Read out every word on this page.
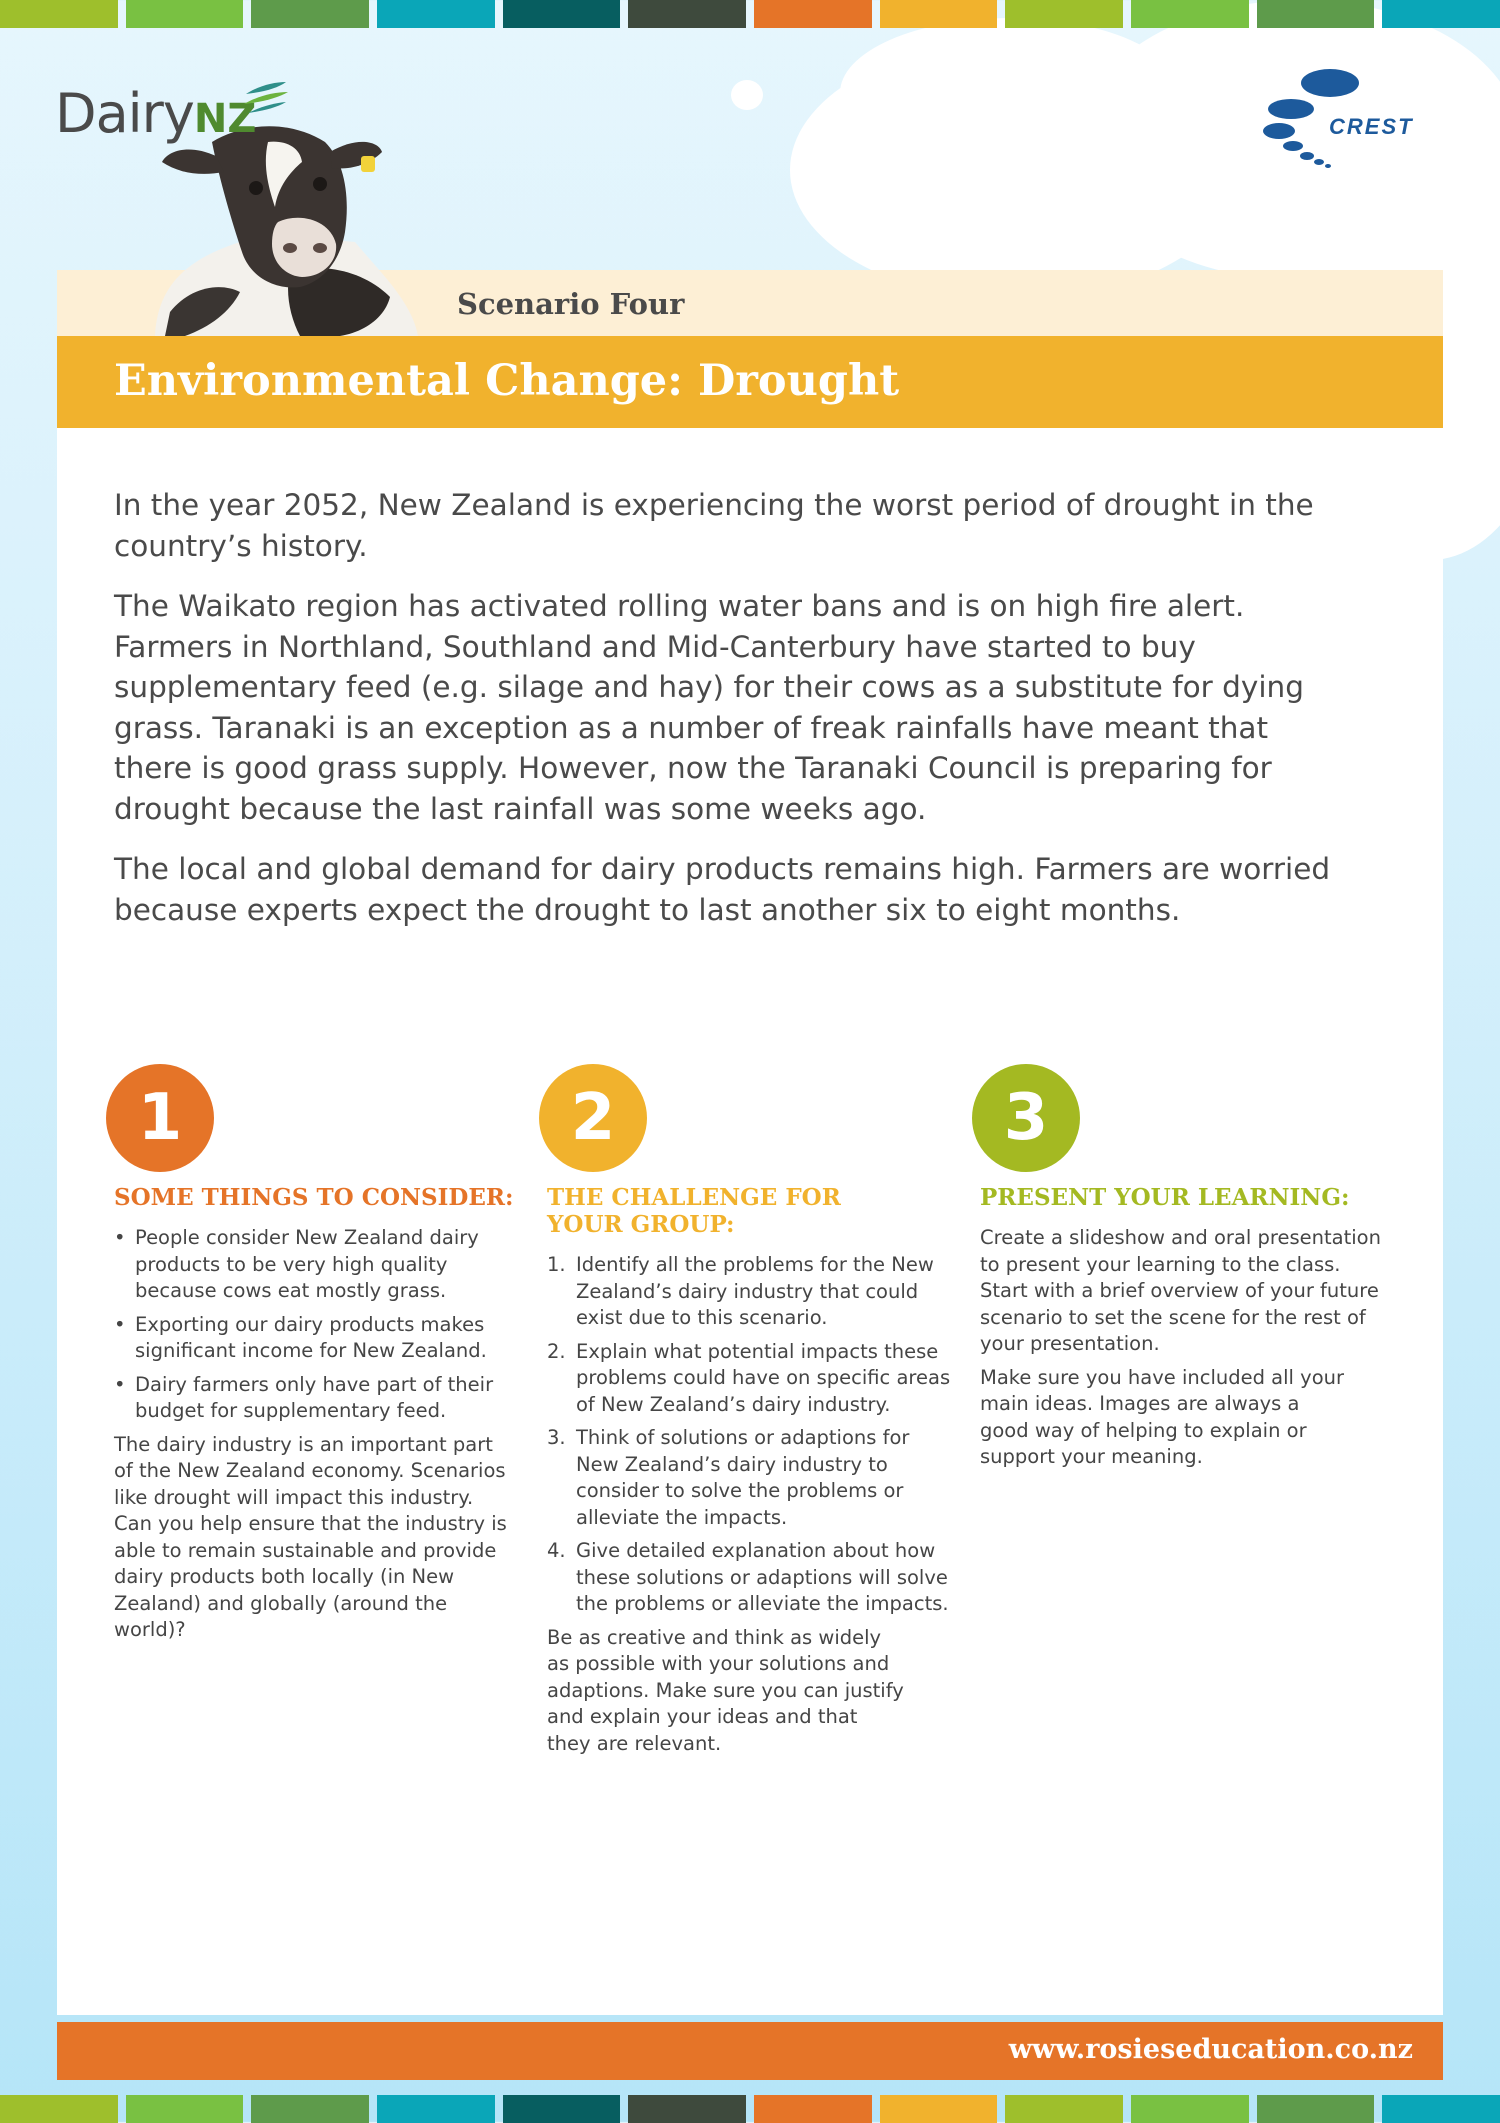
DairyNZ	CREST
Scenario Four
Environmental Change: Drought

In the year 2052, New Zealand is experiencing the worst period of drought in the country’s history.

The Waikato region has activated rolling water bans and is on high fire alert. Farmers in Northland, Southland and Mid-Canterbury have started to buy supplementary feed (e.g. silage and hay) for their cows as a substitute for dying grass. Taranaki is an exception as a number of freak rainfalls have meant that there is good grass supply. However, now the Taranaki Council is preparing for drought because the last rainfall was some weeks ago.

The local and global demand for dairy products remains high. Farmers are worried because experts expect the drought to last another six to eight months.

1
SOME THINGS TO CONSIDER:
• People consider New Zealand dairy products to be very high quality because cows eat mostly grass.
• Exporting our dairy products makes significant income for New Zealand.
• Dairy farmers only have part of their budget for supplementary feed.

The dairy industry is an important part of the New Zealand economy. Scenarios like drought will impact this industry. Can you help ensure that the industry is able to remain sustainable and provide dairy products both locally (in New Zealand) and globally (around the world)?

2
THE CHALLENGE FOR YOUR GROUP:
1. Identify all the problems for the New Zealand’s dairy industry that could exist due to this scenario.
2. Explain what potential impacts these problems could have on specific areas of New Zealand’s dairy industry.
3. Think of solutions or adaptions for New Zealand’s dairy industry to consider to solve the problems or alleviate the impacts.
4. Give detailed explanation about how these solutions or adaptions will solve the problems or alleviate the impacts.

Be as creative and think as widely as possible with your solutions and adaptions. Make sure you can justify and explain your ideas and that they are relevant.

3
PRESENT YOUR LEARNING:

Create a slideshow and oral presentation to present your learning to the class. Start with a brief overview of your future scenario to set the scene for the rest of your presentation.

Make sure you have included all your main ideas. Images are always a good way of helping to explain or support your meaning.

www.rosieseducation.co.nz
